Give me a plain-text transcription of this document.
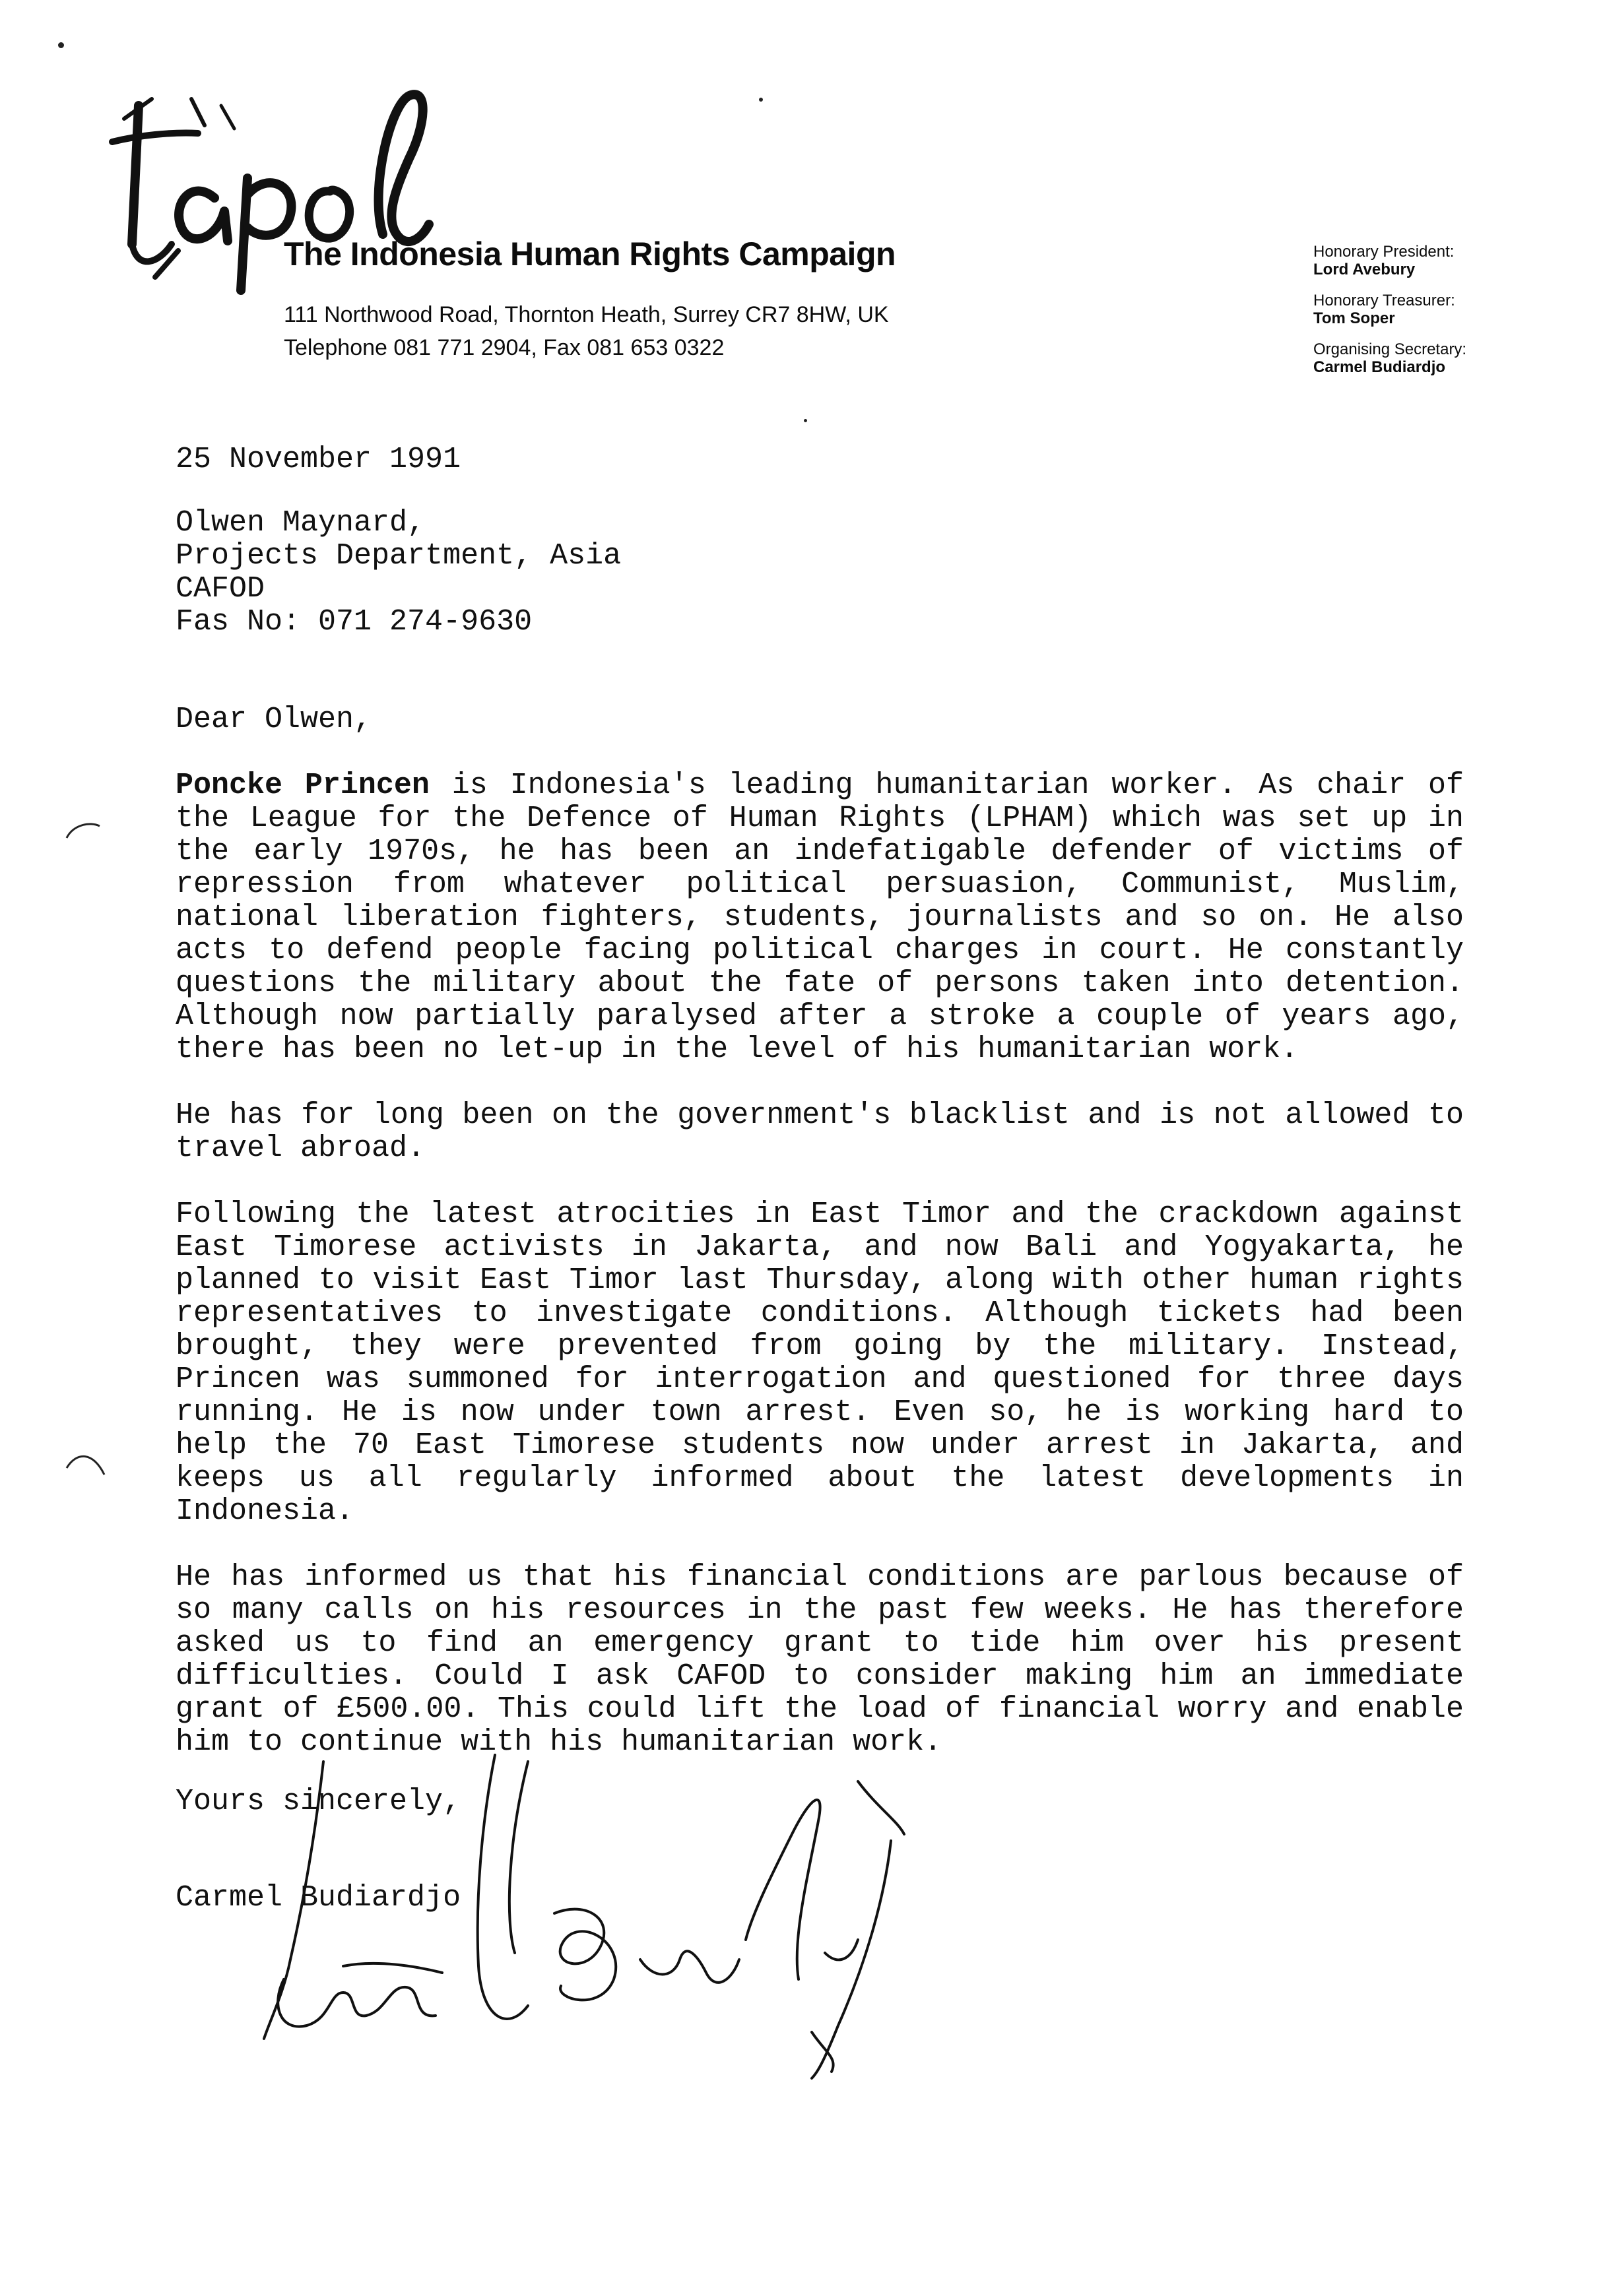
The Indonesia Human Rights Campaign
111 Northwood Road, Thornton Heath, Surrey CR7 8HW, UK
Telephone 081 771 2904, Fax 081 653 0322
Honorary President:
Lord Avebury
Honorary Treasurer:
Tom Soper
Organising Secretary:
Carmel Budiardjo
25 November 1991
Olwen Maynard,
Projects Department, Asia
CAFOD
Fas No: 071 274-9630
Dear Olwen,

Poncke Princen is Indonesia's leading humanitarian worker. As chair of the League for the Defence of Human Rights (LPHAM) which was set up in the early 1970s, he has been an indefatigable defender of victims of repression from whatever political persuasion, Communist, Muslim, national liberation fighters, students, journalists and so on. He also acts to defend people facing political charges in court. He constantly questions the military about the fate of persons taken into detention. Although now partially paralysed after a stroke a couple of years ago, there has been no let-up in the level of his humanitarian work.

He has for long been on the government's blacklist and is not allowed to travel abroad.

Following the latest atrocities in East Timor and the crackdown against East Timorese activists in Jakarta, and now Bali and Yogyakarta, he planned to visit East Timor last Thursday, along with other human rights representatives to investigate conditions. Although tickets had been brought, they were prevented from going by the military. Instead, Princen was summoned for interrogation and questioned for three days running. He is now under town arrest. Even so, he is working hard to help the 70 East Timorese students now under arrest in Jakarta, and keeps us all regularly informed about the latest developments in Indonesia.

He has informed us that his financial conditions are parlous because of so many calls on his resources in the past few weeks. He has therefore asked us to find an emergency grant to tide him over his present difficulties. Could I ask CAFOD to consider making him an immediate grant of £500.00. This could lift the load of financial worry and enable him to continue with his humanitarian work.

Yours sincerely,
Carmel Budiardjo
